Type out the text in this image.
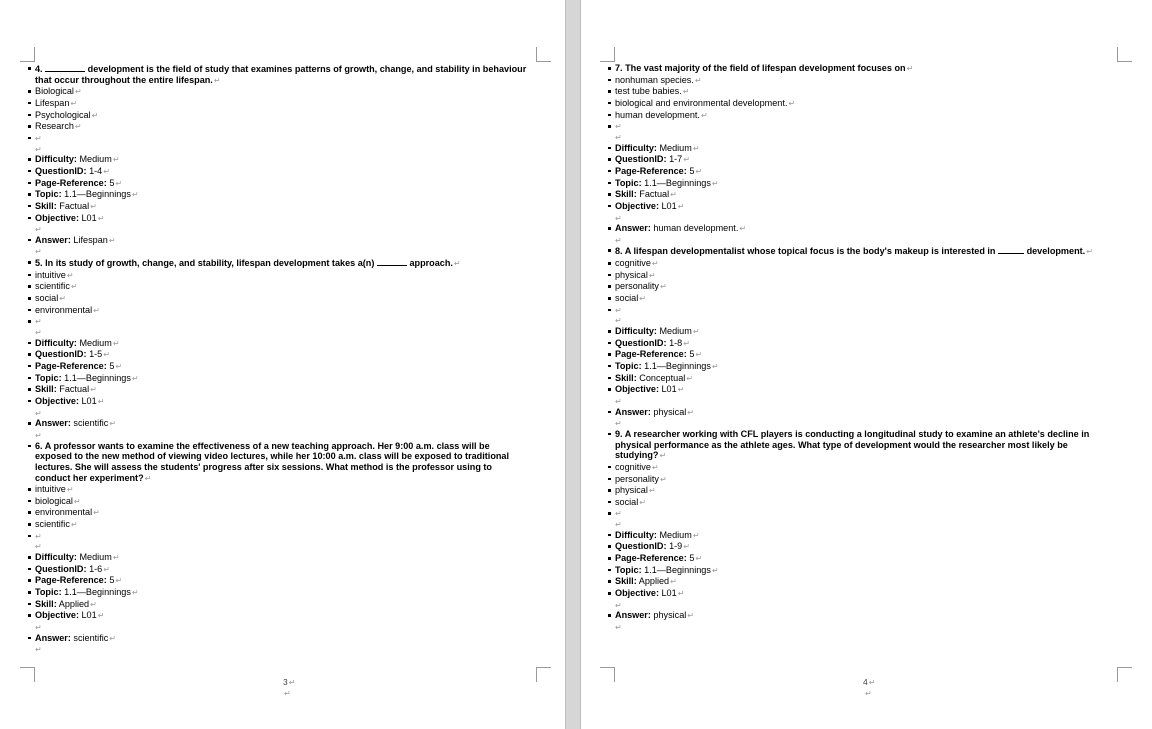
4.	development is the field of study that examines patterns of growth, change, and stability in behaviour
that occur throughout the entire lifespan.↵
Biological↵
Lifespan↵
Psychological↵
Research↵
↵
↵
Difficulty: Medium↵
QuestionID: 1-4↵
Page-Reference: 5↵
Topic: 1.1—Beginnings↵
Skill: Factual↵
Objective: L01↵
↵
Answer: Lifespan↵
↵
5. In its study of growth, change, and stability, lifespan development takes a(n)	approach.↵
intuitive↵
scientific↵
social↵
environmental↵
↵
↵
Difficulty: Medium↵
QuestionID: 1-5↵
Page-Reference: 5↵
Topic: 1.1—Beginnings↵
Skill: Factual↵
Objective: L01↵
↵
Answer: scientific↵
↵
6. A professor wants to examine the effectiveness of a new teaching approach. Her 9:00 a.m. class will be
exposed to the new method of viewing video lectures, while her 10:00 a.m. class will be exposed to traditional
lectures. She will assess the students' progress after six sessions. What method is the professor using to
conduct her experiment?↵
intuitive↵
biological↵
environmental↵
scientific↵
↵
↵
Difficulty: Medium↵
QuestionID: 1-6↵
Page-Reference: 5↵
Topic: 1.1—Beginnings↵
Skill: Applied↵
Objective: L01↵
↵
Answer: scientific↵
↵
3↵
↵
7. The vast majority of the field of lifespan development focuses on↵
nonhuman species.↵
test tube babies.↵
biological and environmental development.↵
human development.↵
↵
↵
Difficulty: Medium↵
QuestionID: 1-7↵
Page-Reference: 5↵
Topic: 1.1—Beginnings↵
Skill: Factual↵
Objective: L01↵
↵
Answer: human development.↵
↵
8. A lifespan developmentalist whose topical focus is the body's makeup is interested in	development.↵
cognitive↵
physical↵
personality↵
social↵
↵
↵
Difficulty: Medium↵
QuestionID: 1-8↵
Page-Reference: 5↵
Topic: 1.1—Beginnings↵
Skill: Conceptual↵
Objective: L01↵
↵
Answer: physical↵
↵
9. A researcher working with CFL players is conducting a longitudinal study to examine an athlete's decline in
physical performance as the athlete ages. What type of development would the researcher most likely be
studying?↵
cognitive↵
personality↵
physical↵
social↵
↵
↵
Difficulty: Medium↵
QuestionID: 1-9↵
Page-Reference: 5↵
Topic: 1.1—Beginnings↵
Skill: Applied↵
Objective: L01↵
↵
Answer: physical↵
↵
4↵
↵
